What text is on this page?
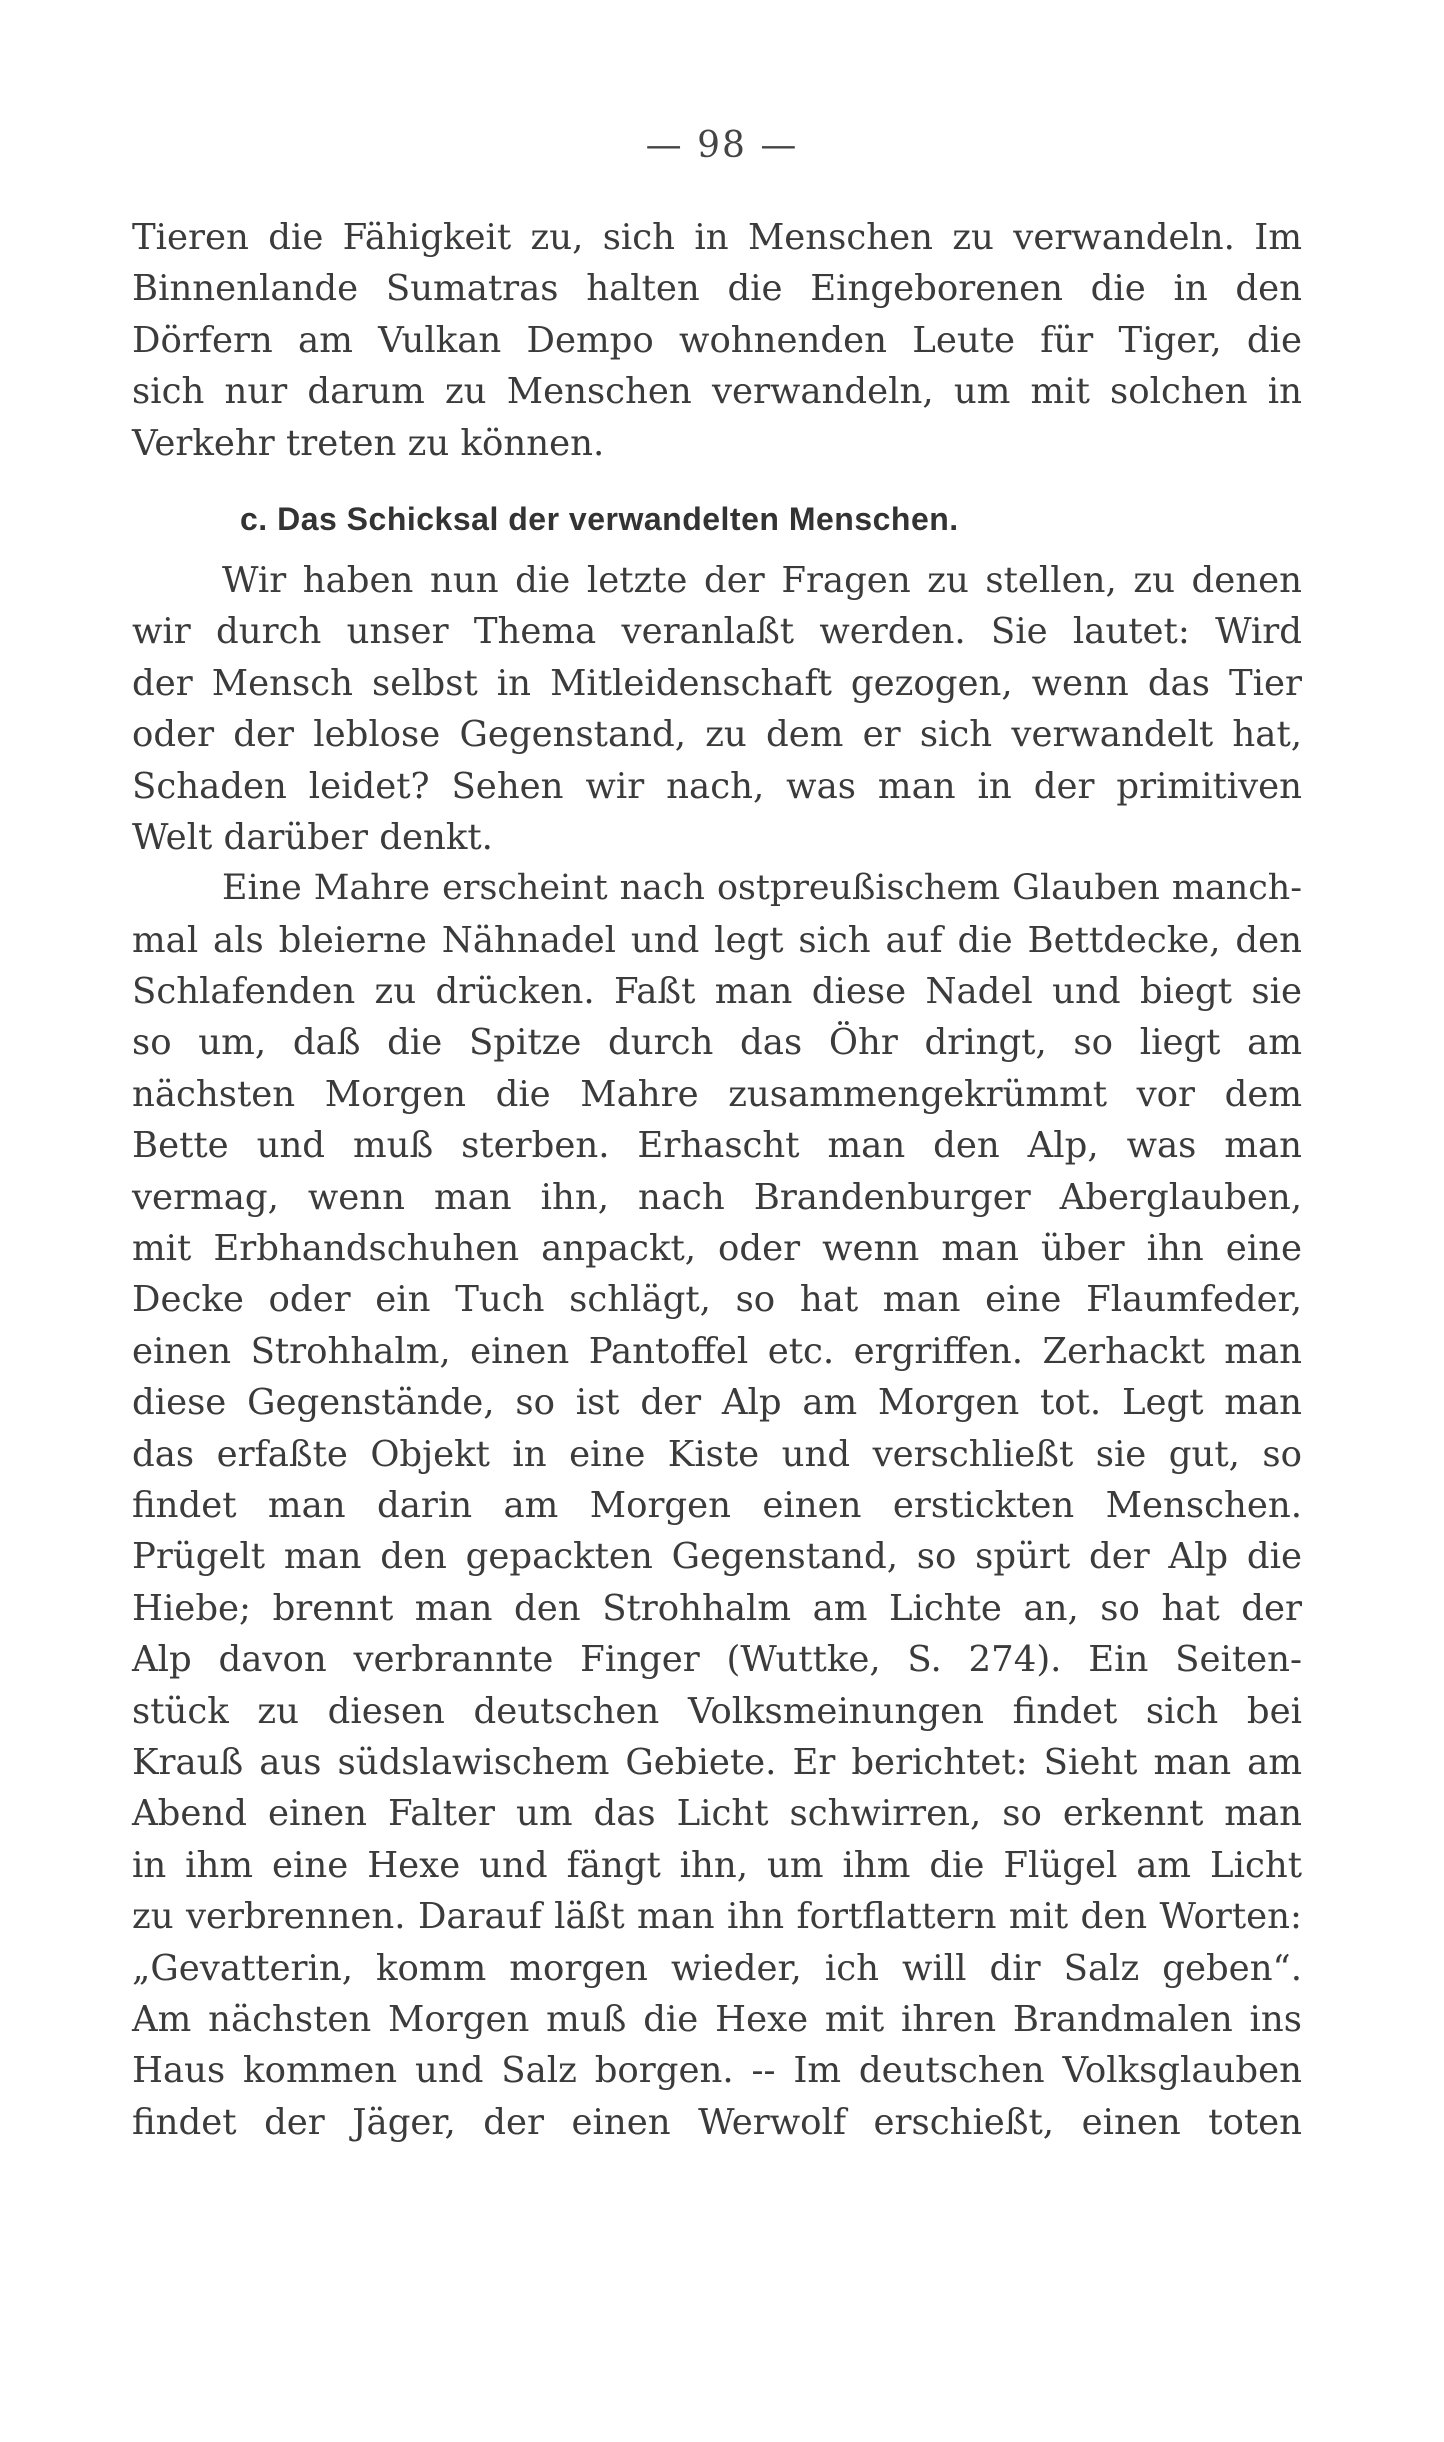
— 98 —
Tieren die Fähigkeit zu, sich in Menschen zu verwandeln. Im
Binnenlande Sumatras halten die Eingeborenen die in den
Dörfern am Vulkan Dempo wohnenden Leute für Tiger, die
sich nur darum zu Menschen verwandeln, um mit solchen in
Verkehr treten zu können.
c. Das Schicksal der verwandelten Menschen.
Wir haben nun die letzte der Fragen zu stellen, zu denen
wir durch unser Thema veranlaßt werden. Sie lautet: Wird
der Mensch selbst in Mitleidenschaft gezogen, wenn das Tier
oder der leblose Gegenstand, zu dem er sich verwandelt hat,
Schaden leidet? Sehen wir nach, was man in der primitiven
Welt darüber denkt.
Eine Mahre erscheint nach ostpreußischem Glauben manch-
mal als bleierne Nähnadel und legt sich auf die Bettdecke, den
Schlafenden zu drücken. Faßt man diese Nadel und biegt sie
so um, daß die Spitze durch das Öhr dringt, so liegt am
nächsten Morgen die Mahre zusammengekrümmt vor dem
Bette und muß sterben. Erhascht man den Alp, was man
vermag, wenn man ihn, nach Brandenburger Aberglauben,
mit Erbhandschuhen anpackt, oder wenn man über ihn eine
Decke oder ein Tuch schlägt, so hat man eine Flaumfeder,
einen Strohhalm, einen Pantoffel etc. ergriffen. Zerhackt man
diese Gegenstände, so ist der Alp am Morgen tot. Legt man
das erfaßte Objekt in eine Kiste und verschließt sie gut, so
findet man darin am Morgen einen erstickten Menschen.
Prügelt man den gepackten Gegenstand, so spürt der Alp die
Hiebe; brennt man den Strohhalm am Lichte an, so hat der
Alp davon verbrannte Finger (Wuttke, S. 274). Ein Seiten-
stück zu diesen deutschen Volksmeinungen findet sich bei
Krauß aus südslawischem Gebiete. Er berichtet: Sieht man am
Abend einen Falter um das Licht schwirren, so erkennt man
in ihm eine Hexe und fängt ihn, um ihm die Flügel am Licht
zu verbrennen. Darauf läßt man ihn fortflattern mit den Worten:
„Gevatterin, komm morgen wieder, ich will dir Salz geben“.
Am nächsten Morgen muß die Hexe mit ihren Brandmalen ins
Haus kommen und Salz borgen. -- Im deutschen Volksglauben
findet der Jäger, der einen Werwolf erschießt, einen toten
